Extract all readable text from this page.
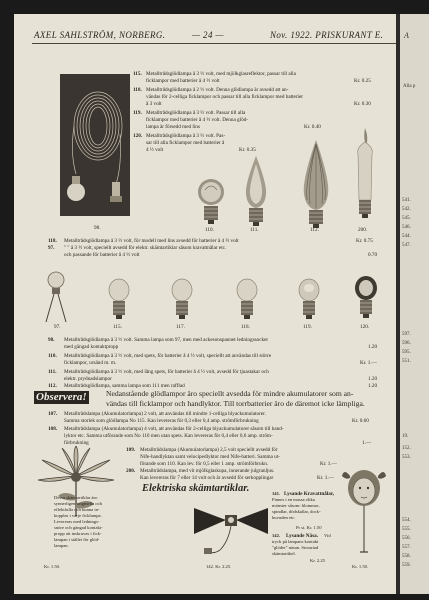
AXEL SAHLSTRÖM, NORBERG.	— 24 —	Nov. 1922. PRISKURANT E.
115. Metalltrådsglödlampa å 3 ½ volt, med mjölkglasreflektor, passar till alla
ficklampor med batterier å 4 ½ volt	Kr. 0.25
118. Metalltrådsglödlampa å 2 ½ volt. Denna glödlampa är avsedd att an-
vändas för 2-celliga ficklampor och passar till alla ficklampor med batterier
å 3 volt	Kr. 0.30
119. Metalltrådsglödlampa å 3 ½ volt. Passar till alla
ficklampor med batterier å 4 ½ volt. Denna glöd-
lampa är försedd med lins	Kr. 0.40
120. Metalltrådsglödlampa å 3 ½ volt. Pas-
sar till alla ficklampor med batterier å
4 ½ volt	Kr. 0.35
98.	110.	111.	112.	200.
118. Metalltrådsglödlampa å 3 ½ volt, för modell med lins avsedd för batterier å 4 ½ volt	Kr. 0.75
97. " " å 3 ½ volt, speciellt avsedd för elektr. skämtartiklar såsom kravattnålar etc.
och passande för batterier å 4 ½ volt	0.70
97.	115.	117.	118.	119.	120.
98. Metalltrådsglödlampa å 3 ½ volt. Samma lampa som 97, men med ackesonspannet ledningssocket
med gängad kontaktpropp	1.20
110. Metalltrådsglödlampa å 3 ½ volt, med spets, för batterier å 4 ½ volt, speciellt att användas till större
ficklampor, ursänd m. m.	Kr. 1.—
111. Metalltrådsglödlampa å 3 ½ volt, med lång spets, för batterier å 4 ½ volt, avsedd för tjuastakar och
elektr. prydnadslampor	1.20
112. Metalltrådsglödlampa, samma lampa som 111 men rafflad	1.20
Observera!	Nedanstående glödlampor äro speciellt avsedda för mindre akumulatorer som an-
vändas till ficklampor och handlyktor. Till torrbatterier äro de däremot icke lämpliga.
107. Metalltrådslampa (Akumulatorlampa) 2 volt, att användas till mindre 1-celliga blyackumulatorer.
Samma storlek som glödlampa No 115. Kan levereras för 0,3 eller 0,4 amp. strömförbrukning	Kr. 0.60
108. Metalltrådslampa (Akumulatorlampa) 4 volt, att användas för 2-celliga blyackumulatorer såsom till hand-
lyktor etc. Samma utförande som No 110 men utan spets. Kan levereras för 0,4 eller 0,6 amp. ström-
förbrukning	1.—
109. Metalltrådslampa (Akumulatorlampa) 2,5 volt speciellt avsedd för
Nife-handlyktan samt velocipedlyktor med Nife-batteri. Samma ut-
förande som 110. Kan lev. för 0,5 eller 1 amp. strömförbrukn.	Kr. 1.—
200. Metalltrådslampa, med vit mjölkglaskupa, innerande julgranljus.
Kan levereras för 7 eller 14 volt och är avsedd för serkopplingar	Kr. 1.—
Elektriska skämtartiklar.
Dessa skämtartiklar äro
synnerligen originella och
effektfulla och kunna in-
kopplas i varje ficklampa.
Levereras med lednings-
snöre och gängad kontakt-
propp att inskruvas i fick-
lampan i stället för glöd-
lampan.
141. Lysande Kravattnålar,
Finnes i en massa olika
mönster såsom: blommor,
spindlar, dödskallar, dock-
huvuden etc.
Pr st. Kr. 1.50
142. Lysande Näsa. Vid
tryck på lampans kontakt
"glöder" näsan. Storartad
skämtartikel.
Kr. 2.25
Kr. 1.50.	142. Kr. 2.25.	Kr. 1.50.
A
Alla p
541.
542.
545.
546.
544.
547.
597.
596.
595.
551.
19.
152.
553.
554.
555.
556.
557.
558.
559.
